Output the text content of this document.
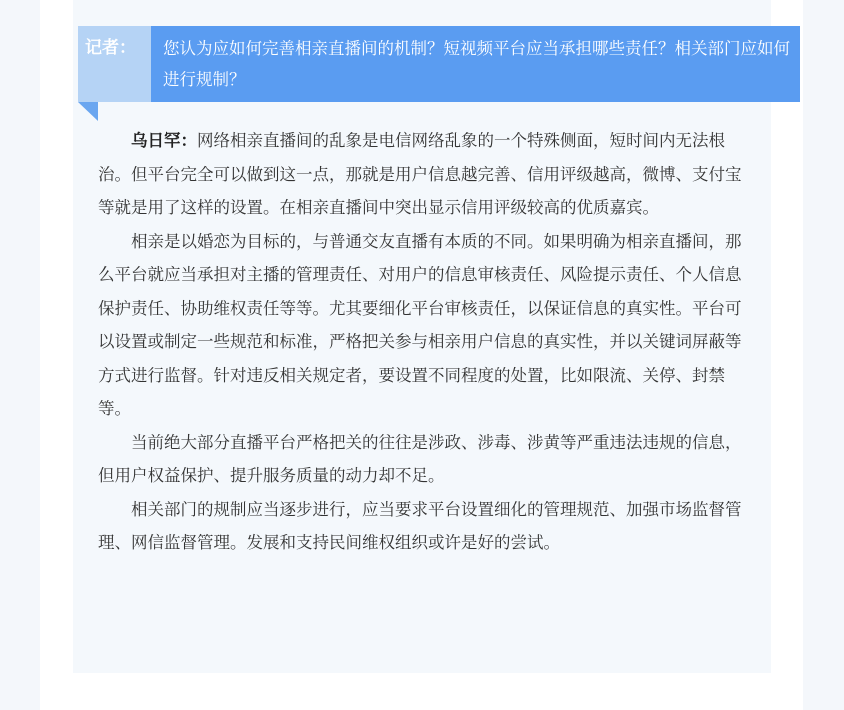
记者：	您认为应如何完善相亲直播间的机制？短视频平台应当承担哪些责任？相关部门应如何进行规制？

乌日罕：网络相亲直播间的乱象是电信网络乱象的一个特殊侧面，短时间内无法根治。但平台完全可以做到这一点，那就是用户信息越完善、信用评级越高，微博、支付宝等就是用了这样的设置。在相亲直播间中突出显示信用评级较高的优质嘉宾。

相亲是以婚恋为目标的，与普通交友直播有本质的不同。如果明确为相亲直播间，那么平台就应当承担对主播的管理责任、对用户的信息审核责任、风险提示责任、个人信息保护责任、协助维权责任等等。尤其要细化平台审核责任，以保证信息的真实性。平台可以设置或制定一些规范和标准，严格把关参与相亲用户信息的真实性，并以关键词屏蔽等方式进行监督。针对违反相关规定者，要设置不同程度的处置，比如限流、关停、封禁等。

当前绝大部分直播平台严格把关的往往是涉政、涉毒、涉黄等严重违法违规的信息，但用户权益保护、提升服务质量的动力却不足。

相关部门的规制应当逐步进行，应当要求平台设置细化的管理规范、加强市场监督管理、网信监督管理。发展和支持民间维权组织或许是好的尝试。
